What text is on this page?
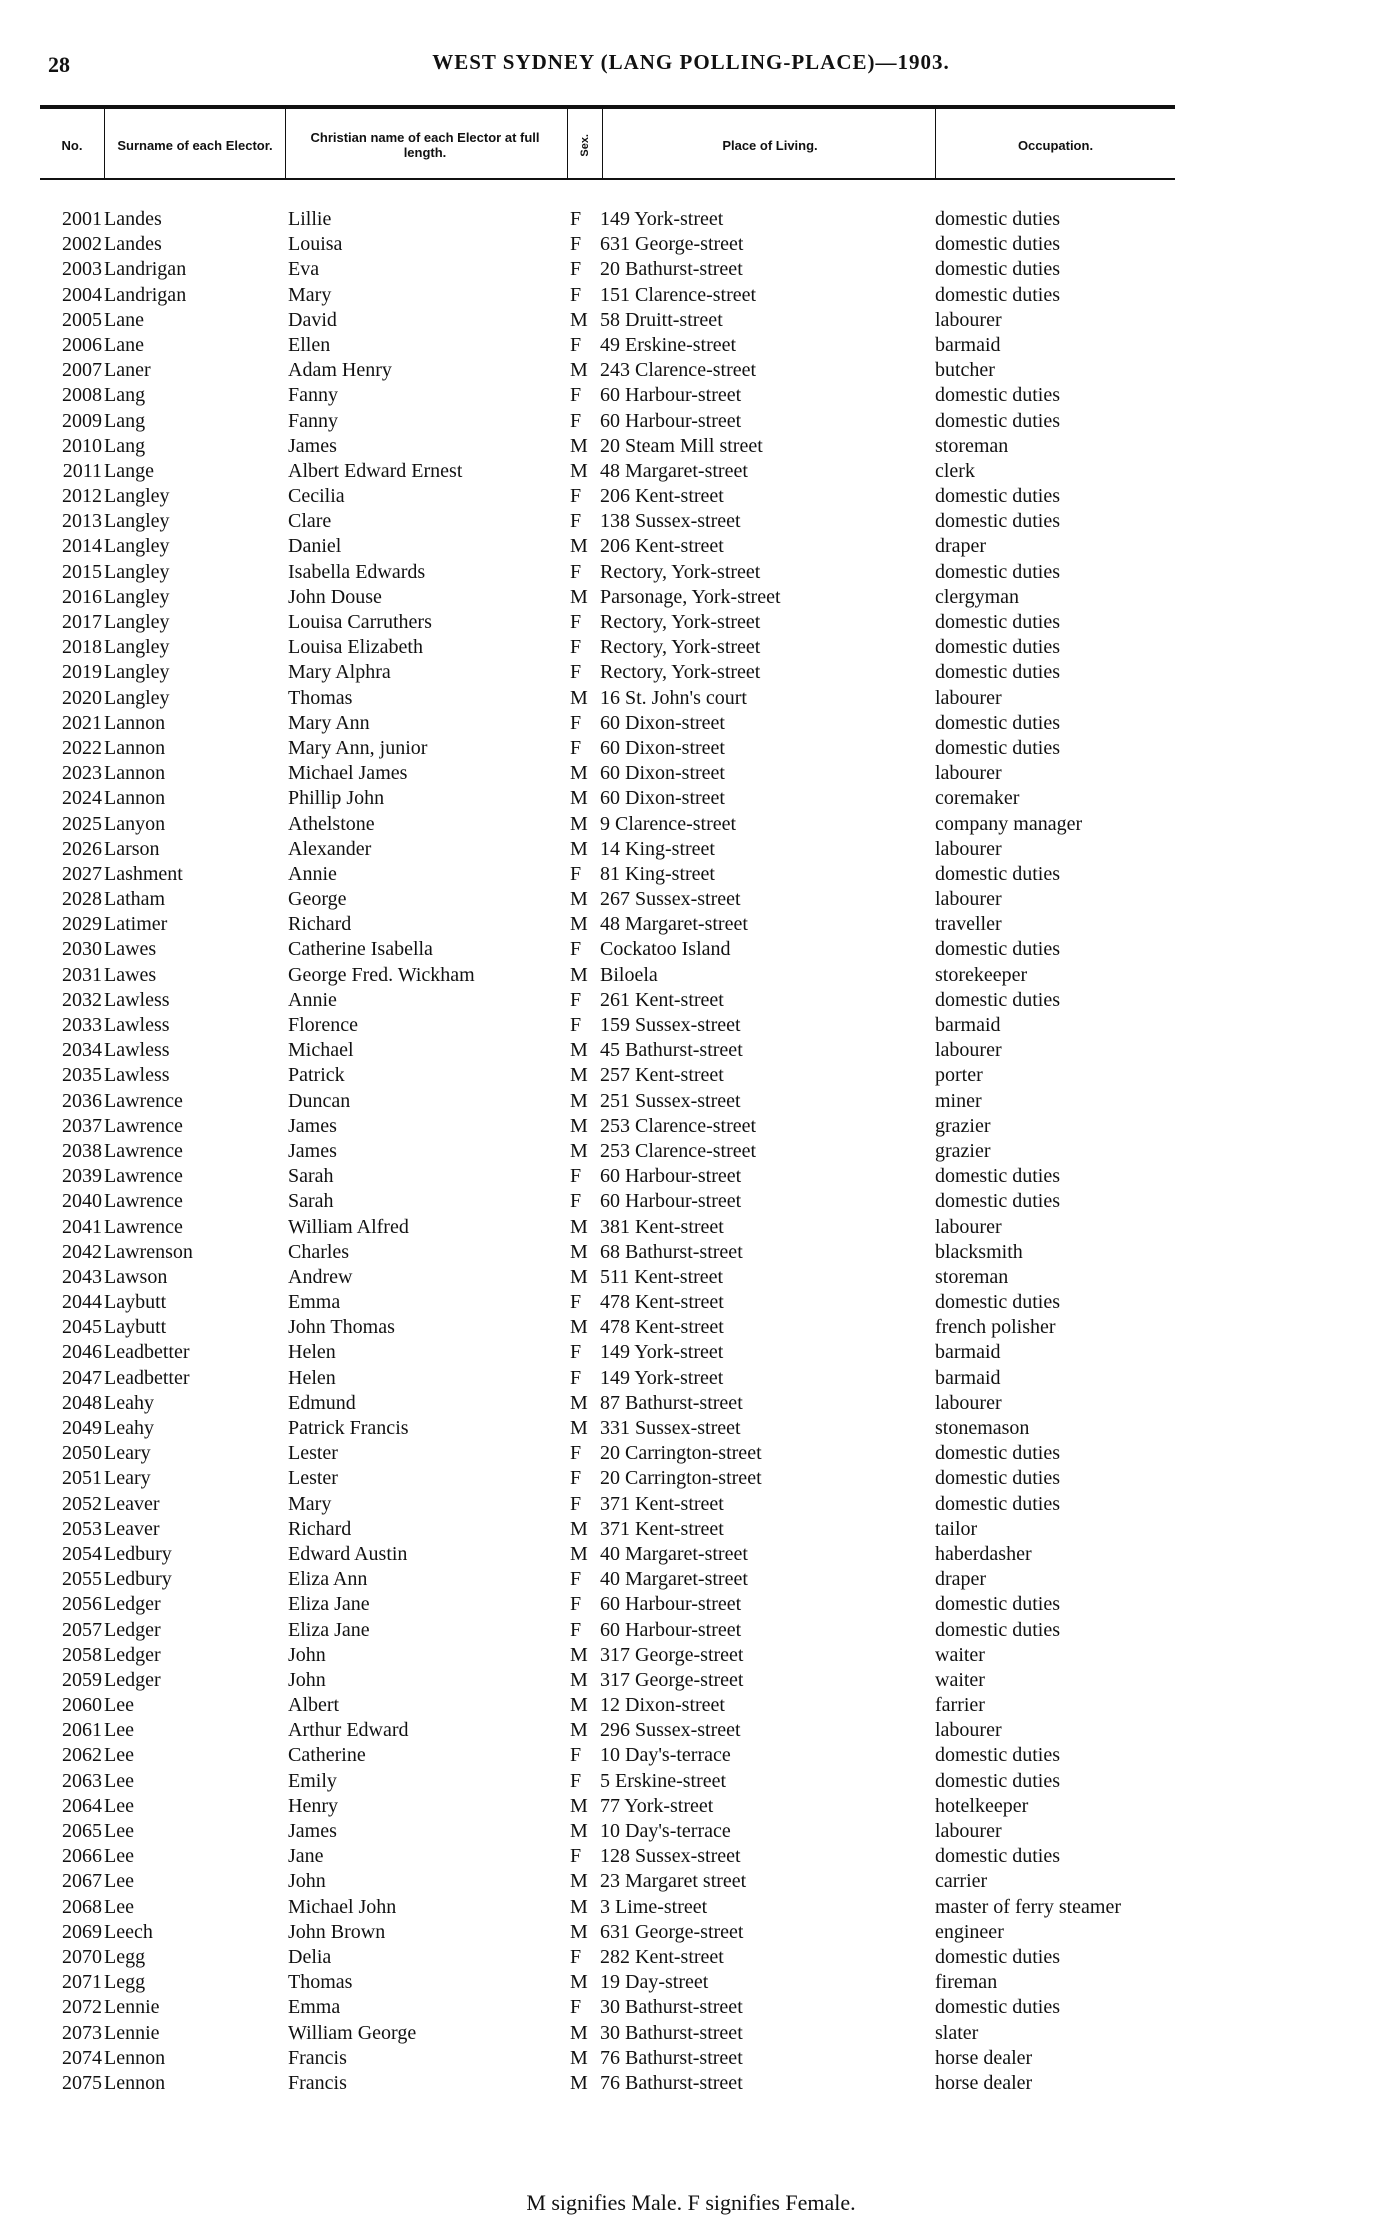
28	WEST SYDNEY (LANG POLLING-PLACE)—1903.
No.	Surname of each Elector.	Christian name of each Elector at full length.	Sex.	Place of Living.	Occupation.
2001 Landes	Lillie	F 149 York-street	domestic duties
2002 Landes	Louisa	F 631 George-street	domestic duties
2003 Landrigan	Eva	F 20 Bathurst-street	domestic duties
2004 Landrigan	Mary	F 151 Clarence-street	domestic duties
2005 Lane	David	M 58 Druitt-street	labourer
2006 Lane	Ellen	F 49 Erskine-street	barmaid
2007 Laner	Adam Henry	M 243 Clarence-street	butcher
2008 Lang	Fanny	F 60 Harbour-street	domestic duties
2009 Lang	Fanny	F 60 Harbour-street	domestic duties
2010 Lang	James	M 20 Steam Mill street	storeman
2011 Lange	Albert Edward Ernest	M 48 Margaret-street	clerk
2012 Langley	Cecilia	F 206 Kent-street	domestic duties
2013 Langley	Clare	F 138 Sussex-street	domestic duties
2014 Langley	Daniel	M 206 Kent-street	draper
2015 Langley	Isabella Edwards	F Rectory, York-street	domestic duties
2016 Langley	John Douse	M Parsonage, York-street	clergyman
2017 Langley	Louisa Carruthers	F Rectory, York-street	domestic duties
2018 Langley	Louisa Elizabeth	F Rectory, York-street	domestic duties
2019 Langley	Mary Alphra	F Rectory, York-street	domestic duties
2020 Langley	Thomas	M 16 St. John's court	labourer
2021 Lannon	Mary Ann	F 60 Dixon-street	domestic duties
2022 Lannon	Mary Ann, junior	F 60 Dixon-street	domestic duties
2023 Lannon	Michael James	M 60 Dixon-street	labourer
2024 Lannon	Phillip John	M 60 Dixon-street	coremaker
2025 Lanyon	Athelstone	M 9 Clarence-street	company manager
2026 Larson	Alexander	M 14 King-street	labourer
2027 Lashment	Annie	F 81 King-street	domestic duties
2028 Latham	George	M 267 Sussex-street	labourer
2029 Latimer	Richard	M 48 Margaret-street	traveller
2030 Lawes	Catherine Isabella	F Cockatoo Island	domestic duties
2031 Lawes	George Fred. Wickham	M Biloela	storekeeper
2032 Lawless	Annie	F 261 Kent-street	domestic duties
2033 Lawless	Florence	F 159 Sussex-street	barmaid
2034 Lawless	Michael	M 45 Bathurst-street	labourer
2035 Lawless	Patrick	M 257 Kent-street	porter
2036 Lawrence	Duncan	M 251 Sussex-street	miner
2037 Lawrence	James	M 253 Clarence-street	grazier
2038 Lawrence	James	M 253 Clarence-street	grazier
2039 Lawrence	Sarah	F 60 Harbour-street	domestic duties
2040 Lawrence	Sarah	F 60 Harbour-street	domestic duties
2041 Lawrence	William Alfred	M 381 Kent-street	labourer
2042 Lawrenson	Charles	M 68 Bathurst-street	blacksmith
2043 Lawson	Andrew	M 511 Kent-street	storeman
2044 Laybutt	Emma	F 478 Kent-street	domestic duties
2045 Laybutt	John Thomas	M 478 Kent-street	french polisher
2046 Leadbetter	Helen	F 149 York-street	barmaid
2047 Leadbetter	Helen	F 149 York-street	barmaid
2048 Leahy	Edmund	M 87 Bathurst-street	labourer
2049 Leahy	Patrick Francis	M 331 Sussex-street	stonemason
2050 Leary	Lester	F 20 Carrington-street	domestic duties
2051 Leary	Lester	F 20 Carrington-street	domestic duties
2052 Leaver	Mary	F 371 Kent-street	domestic duties
2053 Leaver	Richard	M 371 Kent-street	tailor
2054 Ledbury	Edward Austin	M 40 Margaret-street	haberdasher
2055 Ledbury	Eliza Ann	F 40 Margaret-street	draper
2056 Ledger	Eliza Jane	F 60 Harbour-street	domestic duties
2057 Ledger	Eliza Jane	F 60 Harbour-street	domestic duties
2058 Ledger	John	M 317 George-street	waiter
2059 Ledger	John	M 317 George-street	waiter
2060 Lee	Albert	M 12 Dixon-street	farrier
2061 Lee	Arthur Edward	M 296 Sussex-street	labourer
2062 Lee	Catherine	F 10 Day's-terrace	domestic duties
2063 Lee	Emily	F 5 Erskine-street	domestic duties
2064 Lee	Henry	M 77 York-street	hotelkeeper
2065 Lee	James	M 10 Day's-terrace	labourer
2066 Lee	Jane	F 128 Sussex-street	domestic duties
2067 Lee	John	M 23 Margaret street	carrier
2068 Lee	Michael John	M 3 Lime-street	master of ferry steamer
2069 Leech	John Brown	M 631 George-street	engineer
2070 Legg	Delia	F 282 Kent-street	domestic duties
2071 Legg	Thomas	M 19 Day-street	fireman
2072 Lennie	Emma	F 30 Bathurst-street	domestic duties
2073 Lennie	William George	M 30 Bathurst-street	slater
2074 Lennon	Francis	M 76 Bathurst-street	horse dealer
2075 Lennon	Francis	M 76 Bathurst-street	horse dealer
M signifies Male. F signifies Female.
